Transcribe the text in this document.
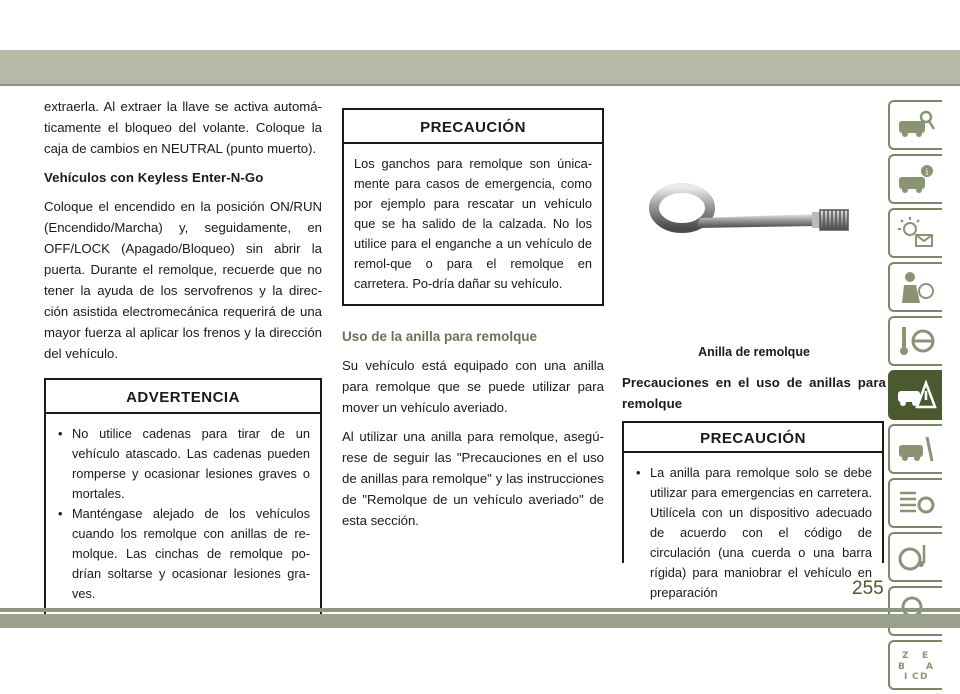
extraerla. Al extraer la llave se activa automá-ticamente el bloqueo del volante. Coloque la caja de cambios en NEUTRAL (punto muerto).

Vehículos con Keyless Enter-N-Go

Coloque el encendido en la posición ON/RUN (Encendido/Marcha) y, seguidamente, en OFF/LOCK (Apagado/Bloqueo) sin abrir la puerta. Durante el remolque, recuerde que no tener la ayuda de los servofrenos y la direc-ción asistida electromecánica requerirá de una mayor fuerza al aplicar los frenos y la dirección del vehículo.

ADVERTENCIA
• No utilice cadenas para tirar de un vehículo atascado. Las cadenas pueden romperse y ocasionar lesiones graves o mortales.
• Manténgase alejado de los vehículos cuando los remolque con anillas de re-molque. Las cinchas de remolque po-drían soltarse y ocasionar lesiones gra-ves.
PRECAUCIÓN
Los ganchos para remolque son única-mente para casos de emergencia, como por ejemplo para rescatar un vehículo que se ha salido de la calzada. No los utilice para el enganche a un vehículo de remol-que o para el remolque en carretera. Po-dría dañar su vehículo.

Uso de la anilla para remolque

Su vehículo está equipado con una anilla para remolque que se puede utilizar para mover un vehículo averiado.

Al utilizar una anilla para remolque, asegú-rese de seguir las "Precauciones en el uso de anillas para remolque" y las instrucciones de "Remolque de un vehículo averiado" de esta sección.

Anilla de remolque
Precauciones en el uso de anillas para remolque
PRECAUCIÓN
• La anilla para remolque solo se debe utilizar para emergencias en carretera. Utilícela con un dispositivo adecuado de acuerdo con el código de circulación (una cuerda o una barra rígida) para maniobrar el vehículo en preparación
i
Z E
B A
I C D
255
